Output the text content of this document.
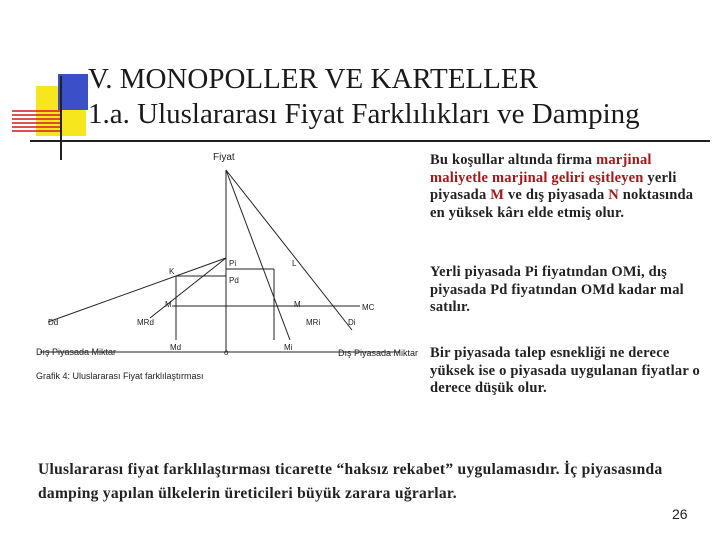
V. MONOPOLLER VE KARTELLER
1.a. Uluslararası Fiyat Farklılıkları ve Damping
Fiyat
Pi	L
K
Pd
M	M	MC
Dd	MRd	MRi	Di
Md
o
Mi
Dış Piyasada Miktar	Dış Piyasada Miktar
Grafik 4: Uluslararası Fiyat farklılaştırması
Bu koşullar altında firma marjinal maliyetle marjinal geliri eşitleyen yerli piyasada M ve dış piyasada N noktasında en yüksek kârı elde etmiş olur.
Yerli piyasada Pi fiyatından OMi, dış piyasada Pd fiyatından OMd kadar mal satılır.
Bir piyasada talep esnekliği ne derece yüksek ise o piyasada uygulanan fiyatlar o derece düşük olur.
Uluslararası fiyat farklılaştırması ticarette “haksız rekabet” uygulamasıdır. İç piyasasında damping yapılan ülkelerin üreticileri büyük zarara uğrarlar.
26
